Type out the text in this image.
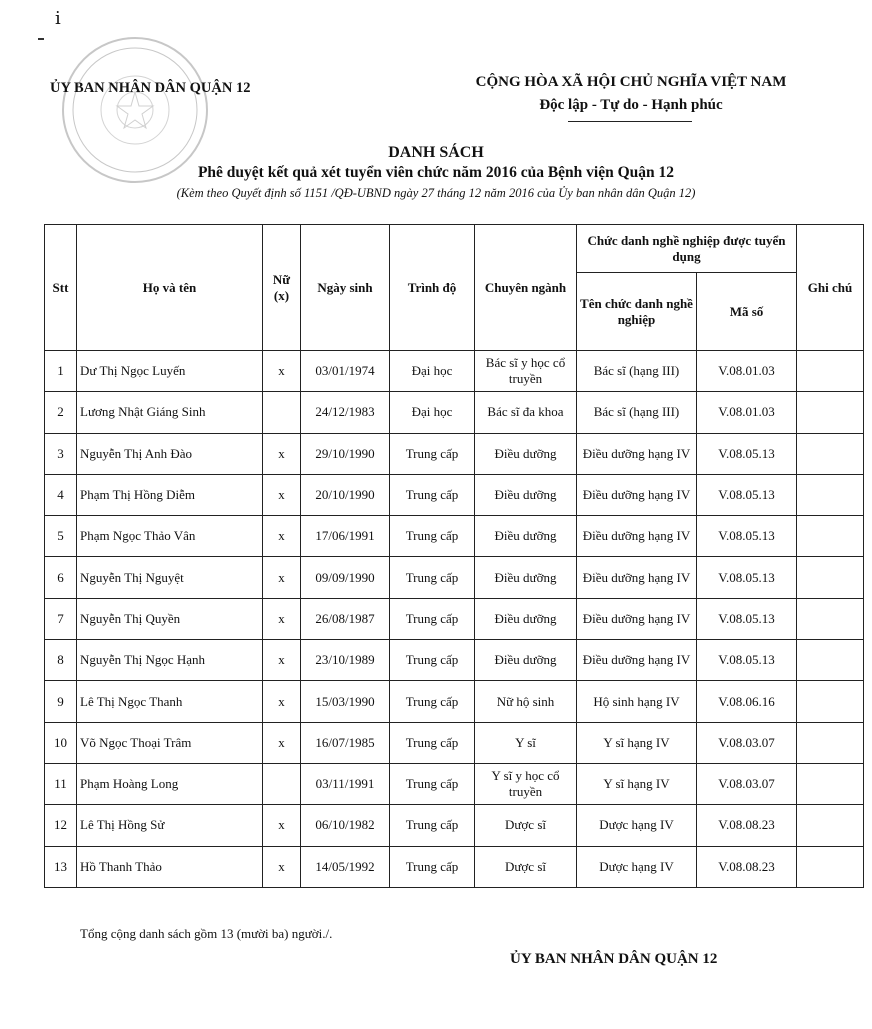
ⅰ
ỦY BAN NHÂN DÂN QUẬN 12	CỘNG HÒA XÃ HỘI CHỦ NGHĨA VIỆT NAM
Độc lập - Tự do - Hạnh phúc
DANH SÁCH
Phê duyệt kết quả xét tuyển viên chức năm 2016 của Bệnh viện Quận 12
(Kèm theo Quyết định số 1151 /QĐ-UBND ngày 27 tháng 12 năm 2016 của Ủy ban nhân dân Quận 12)
Stt	Họ và tên	Nữ (x)	Ngày sinh	Trình độ	Chuyên ngành	Chức danh nghề nghiệp được tuyển dụng		Ghi chú
						Tên chức danh nghề nghiệp	Mã số	
1	Dư Thị Ngọc Luyến	x	03/01/1974	Đại học	Bác sĩ y học cổ truyền	Bác sĩ (hạng III)	V.08.01.03	
2	Lương Nhật Giáng Sinh		24/12/1983	Đại học	Bác sĩ đa khoa	Bác sĩ (hạng III)	V.08.01.03	
3	Nguyễn Thị Anh Đào	x	29/10/1990	Trung cấp	Điều dưỡng	Điều dưỡng hạng IV	V.08.05.13	
4	Phạm Thị Hồng Diễm	x	20/10/1990	Trung cấp	Điều dưỡng	Điều dưỡng hạng IV	V.08.05.13	
5	Phạm Ngọc Thảo Vân	x	17/06/1991	Trung cấp	Điều dưỡng	Điều dưỡng hạng IV	V.08.05.13	
6	Nguyễn Thị Nguyệt	x	09/09/1990	Trung cấp	Điều dưỡng	Điều dưỡng hạng IV	V.08.05.13	
7	Nguyễn Thị Quyền	x	26/08/1987	Trung cấp	Điều dưỡng	Điều dưỡng hạng IV	V.08.05.13	
8	Nguyễn Thị Ngọc Hạnh	x	23/10/1989	Trung cấp	Điều dưỡng	Điều dưỡng hạng IV	V.08.05.13	
9	Lê Thị Ngọc Thanh	x	15/03/1990	Trung cấp	Nữ hộ sinh	Hộ sinh hạng IV	V.08.06.16	
10	Võ Ngọc Thoại Trâm	x	16/07/1985	Trung cấp	Y sĩ	Y sĩ hạng IV	V.08.03.07	
11	Phạm Hoàng Long		03/11/1991	Trung cấp	Y sĩ y học cổ truyền	Y sĩ hạng IV	V.08.03.07	
12	Lê Thị Hồng Sử	x	06/10/1982	Trung cấp	Dược sĩ	Dược hạng IV	V.08.08.23	
13	Hồ Thanh Thảo	x	14/05/1992	Trung cấp	Dược sĩ	Dược hạng IV	V.08.08.23	
Tổng cộng danh sách gồm 13 (mười ba) người./.
ỦY BAN NHÂN DÂN QUẬN 12
